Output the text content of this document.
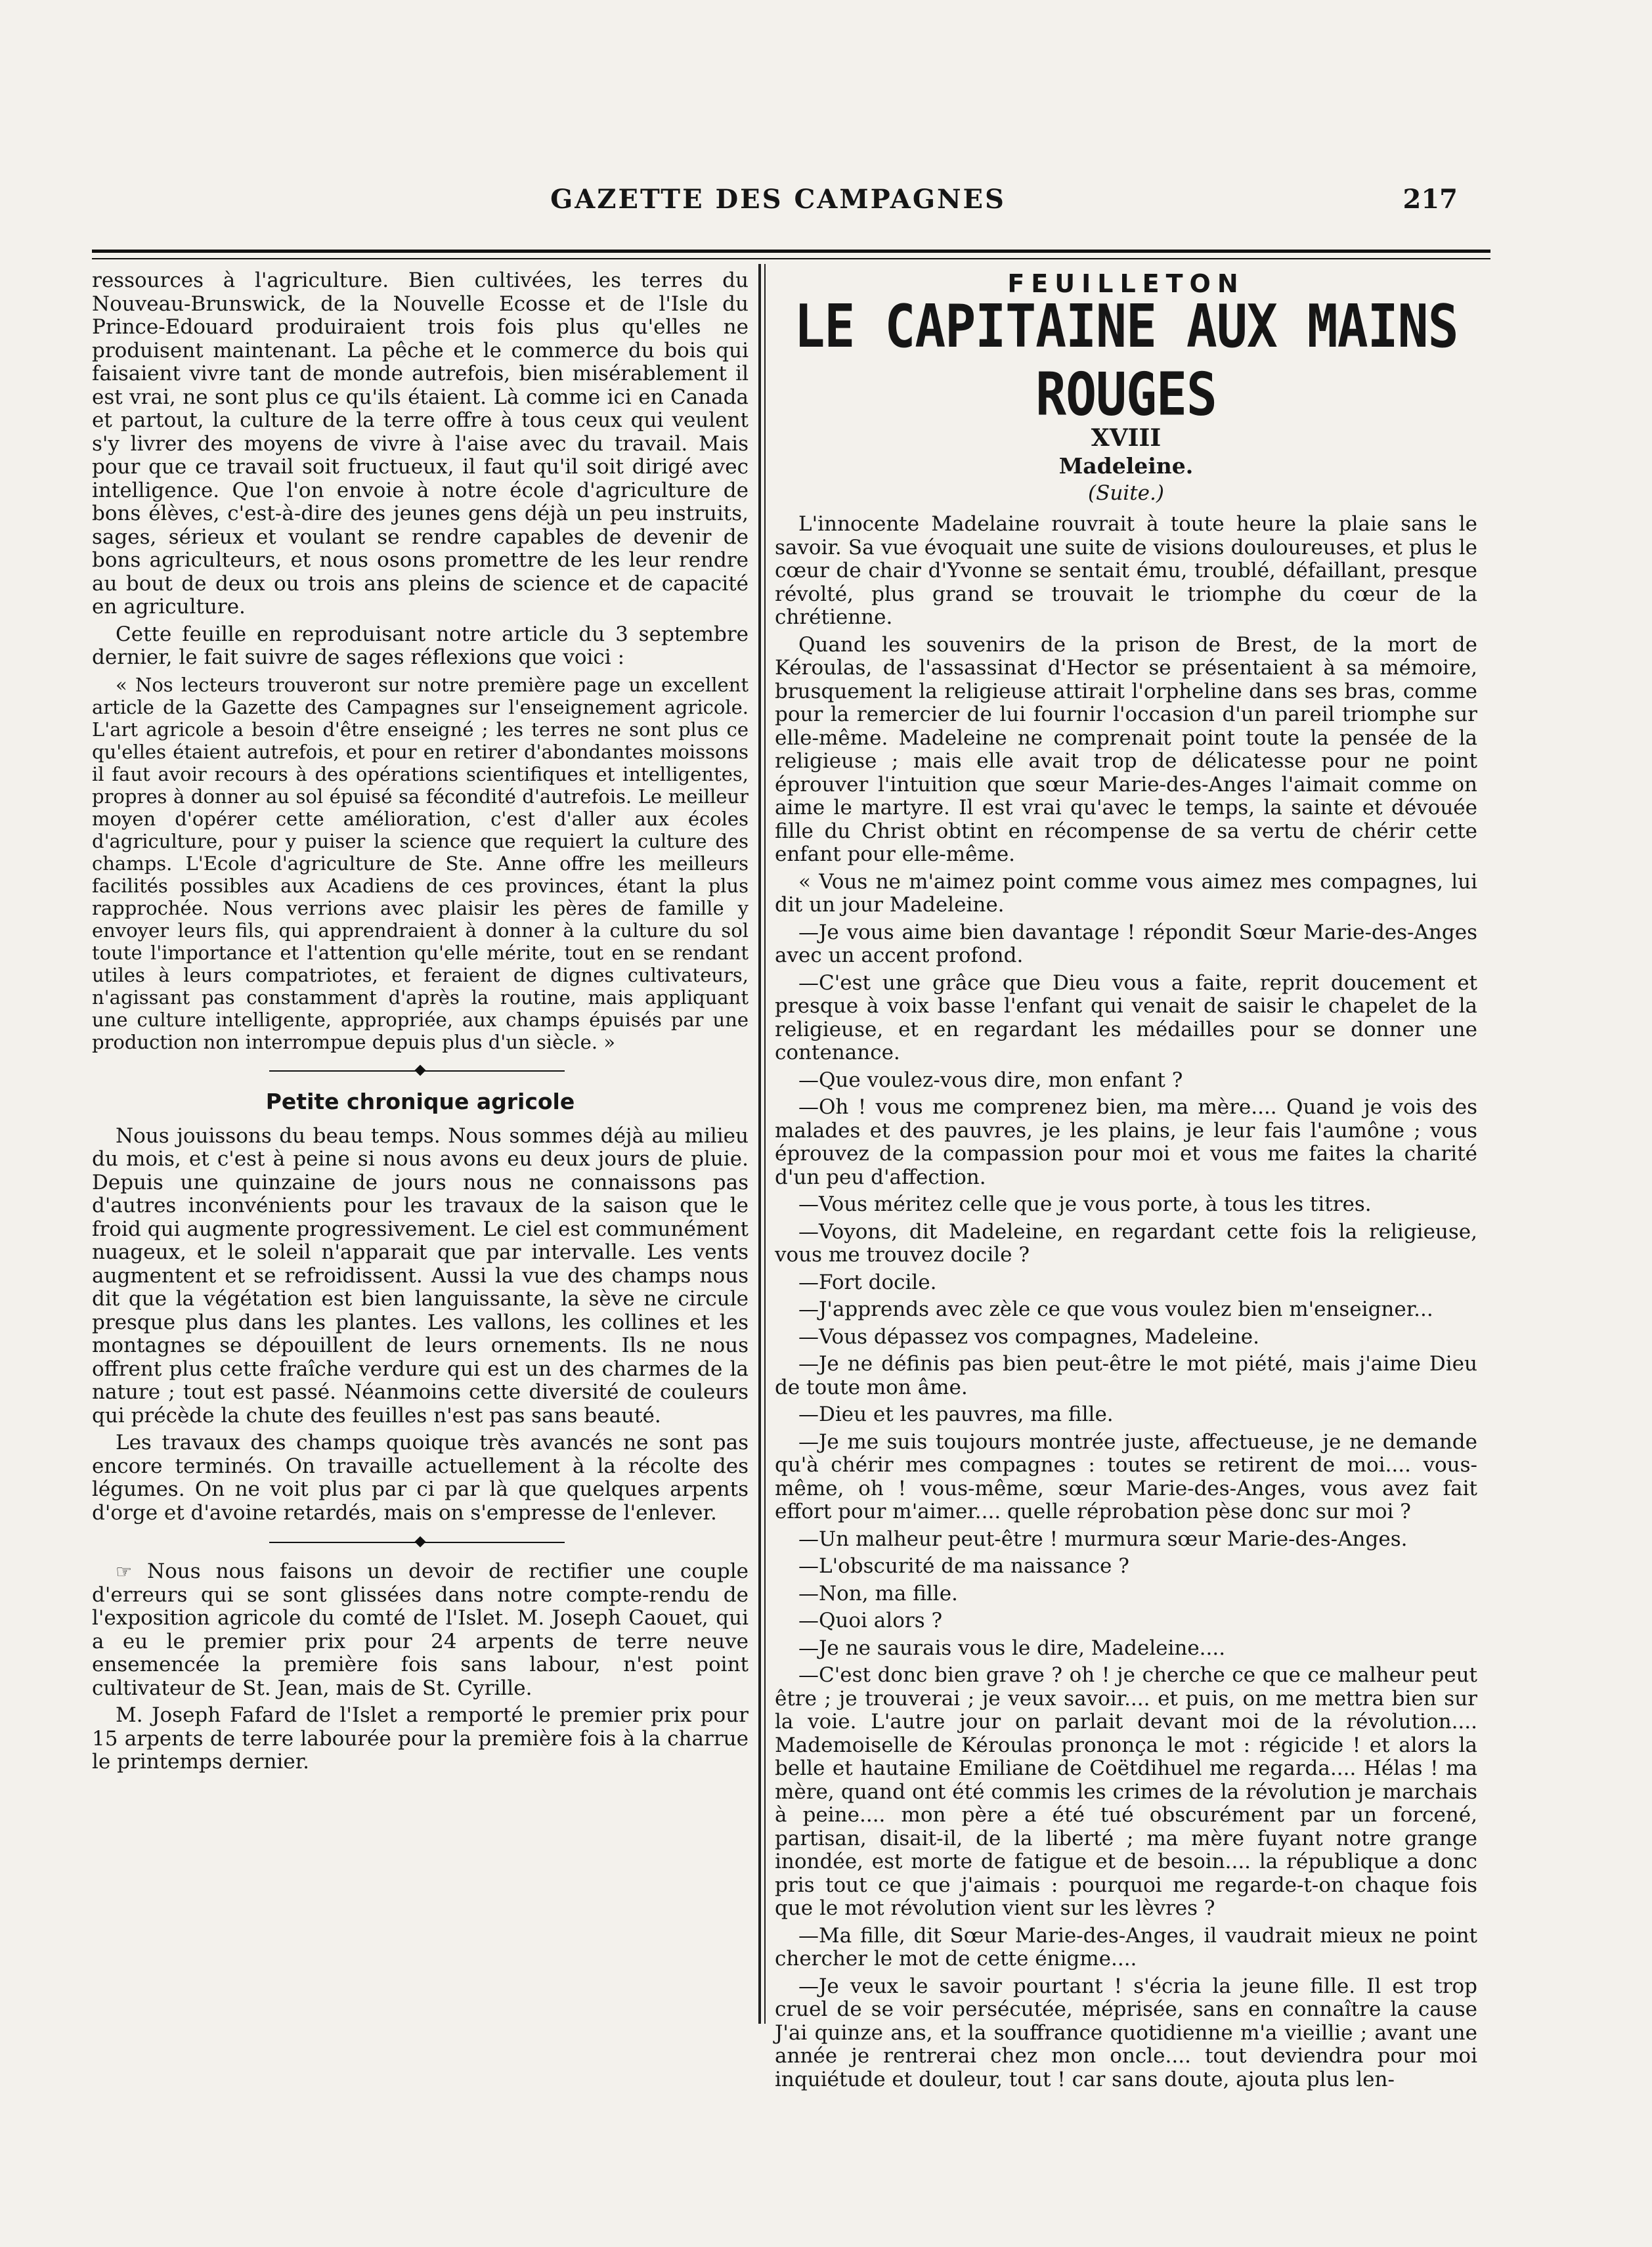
GAZETTE DES CAMPAGNES	217

ressources à l'agriculture. Bien cultivées, les terres du Nouveau-Brunswick, de la Nouvelle Ecosse et de l'Isle du Prince-Edouard produiraient trois fois plus qu'elles ne produisent maintenant. La pêche et le commerce du bois qui faisaient vivre tant de monde autrefois, bien misérablement il est vrai, ne sont plus ce qu'ils étaient. Là comme ici en Canada et partout, la culture de la terre offre à tous ceux qui veulent s'y livrer des moyens de vivre à l'aise avec du travail. Mais pour que ce travail soit fructueux, il faut qu'il soit dirigé avec intelligence. Que l'on envoie à notre école d'agriculture de bons élèves, c'est-à-dire des jeunes gens déjà un peu instruits, sages, sérieux et voulant se rendre capables de devenir de bons agriculteurs, et nous osons promettre de les leur rendre au bout de deux ou trois ans pleins de science et de capacité en agriculture.

Cette feuille en reproduisant notre article du 3 septembre dernier, le fait suivre de sages réflexions que voici :

« Nos lecteurs trouveront sur notre première page un excellent article de la Gazette des Campagnes sur l'enseignement agricole. L'art agricole a besoin d'être enseigné ; les terres ne sont plus ce qu'elles étaient autrefois, et pour en retirer d'abondantes moissons il faut avoir recours à des opérations scientifiques et intelligentes, propres à donner au sol épuisé sa fécondité d'autrefois. Le meilleur moyen d'opérer cette amélioration, c'est d'aller aux écoles d'agriculture, pour y puiser la science que requiert la culture des champs. L'Ecole d'agriculture de Ste. Anne offre les meilleurs facilités possibles aux Acadiens de ces provinces, étant la plus rapprochée. Nous verrions avec plaisir les pères de famille y envoyer leurs fils, qui apprendraient à donner à la culture du sol toute l'importance et l'attention qu'elle mérite, tout en se rendant utiles à leurs compatriotes, et feraient de dignes cultivateurs, n'agissant pas constamment d'après la routine, mais appliquant une culture intelligente, appropriée, aux champs épuisés par une production non interrompue depuis plus d'un siècle. »

Petite chronique agricole

Nous jouissons du beau temps. Nous sommes déjà au milieu du mois, et c'est à peine si nous avons eu deux jours de pluie. Depuis une quinzaine de jours nous ne connaissons pas d'autres inconvénients pour les travaux de la saison que le froid qui augmente progressivement. Le ciel est communément nuageux, et le soleil n'apparait que par intervalle. Les vents augmentent et se refroidissent. Aussi la vue des champs nous dit que la végétation est bien languissante, la sève ne circule presque plus dans les plantes. Les vallons, les collines et les montagnes se dépouillent de leurs ornements. Ils ne nous offrent plus cette fraîche verdure qui est un des charmes de la nature ; tout est passé. Néanmoins cette diversité de couleurs qui précède la chute des feuilles n'est pas sans beauté.

Les travaux des champs quoique très avancés ne sont pas encore terminés. On travaille actuellement à la récolte des légumes. On ne voit plus par ci par là que quelques arpents d'orge et d'avoine retardés, mais on s'empresse de l'enlever.

☞ Nous nous faisons un devoir de rectifier une couple d'erreurs qui se sont glissées dans notre compte-rendu de l'exposition agricole du comté de l'Islet. M. Joseph Caouet, qui a eu le premier prix pour 24 arpents de terre neuve ensemencée la première fois sans labour, n'est point cultivateur de St. Jean, mais de St. Cyrille.

M. Joseph Fafard de l'Islet a remporté le premier prix pour 15 arpents de terre labourée pour la première fois à la charrue le printemps dernier.

FEUILLETON
LE CAPITAINE AUX MAINS ROUGES
XVIII
Madeleine.
(Suite.)

L'innocente Madelaine rouvrait à toute heure la plaie sans le savoir. Sa vue évoquait une suite de visions douloureuses, et plus le cœur de chair d'Yvonne se sentait ému, troublé, défaillant, presque révolté, plus grand se trouvait le triomphe du cœur de la chrétienne.

Quand les souvenirs de la prison de Brest, de la mort de Kéroulas, de l'assassinat d'Hector se présentaient à sa mémoire, brusquement la religieuse attirait l'orpheline dans ses bras, comme pour la remercier de lui fournir l'occasion d'un pareil triomphe sur elle-même. Madeleine ne comprenait point toute la pensée de la religieuse ; mais elle avait trop de délicatesse pour ne point éprouver l'intuition que sœur Marie-des-Anges l'aimait comme on aime le martyre. Il est vrai qu'avec le temps, la sainte et dévouée fille du Christ obtint en récompense de sa vertu de chérir cette enfant pour elle-même.

« Vous ne m'aimez point comme vous aimez mes compagnes, lui dit un jour Madeleine.

—Je vous aime bien davantage ! répondit Sœur Marie-des-Anges avec un accent profond.

—C'est une grâce que Dieu vous a faite, reprit doucement et presque à voix basse l'enfant qui venait de saisir le chapelet de la religieuse, et en regardant les médailles pour se donner une contenance.

—Que voulez-vous dire, mon enfant ?

—Oh ! vous me comprenez bien, ma mère.... Quand je vois des malades et des pauvres, je les plains, je leur fais l'aumône ; vous éprouvez de la compassion pour moi et vous me faites la charité d'un peu d'affection.

—Vous méritez celle que je vous porte, à tous les titres.

—Voyons, dit Madeleine, en regardant cette fois la religieuse, vous me trouvez docile ?

—Fort docile.

—J'apprends avec zèle ce que vous voulez bien m'enseigner...

—Vous dépassez vos compagnes, Madeleine.

—Je ne définis pas bien peut-être le mot piété, mais j'aime Dieu de toute mon âme.

—Dieu et les pauvres, ma fille.

—Je me suis toujours montrée juste, affectueuse, je ne demande qu'à chérir mes compagnes : toutes se retirent de moi.... vous-même, oh ! vous-même, sœur Marie-des-Anges, vous avez fait effort pour m'aimer.... quelle réprobation pèse donc sur moi ?

—Un malheur peut-être ! murmura sœur Marie-des-Anges.

—L'obscurité de ma naissance ?

—Non, ma fille.

—Quoi alors ?

—Je ne saurais vous le dire, Madeleine....

—C'est donc bien grave ? oh ! je cherche ce que ce malheur peut être ; je trouverai ; je veux savoir.... et puis, on me mettra bien sur la voie. L'autre jour on parlait devant moi de la révolution.... Mademoiselle de Kéroulas prononça le mot : régicide ! et alors la belle et hautaine Emiliane de Coëtdihuel me regarda.... Hélas ! ma mère, quand ont été commis les crimes de la révolution je marchais à peine.... mon père a été tué obscurément par un forcené, partisan, disait-il, de la liberté ; ma mère fuyant notre grange inondée, est morte de fatigue et de besoin.... la république a donc pris tout ce que j'aimais : pourquoi me regarde-t-on chaque fois que le mot révolution vient sur les lèvres ?

—Ma fille, dit Sœur Marie-des-Anges, il vaudrait mieux ne point chercher le mot de cette énigme....

—Je veux le savoir pourtant ! s'écria la jeune fille. Il est trop cruel de se voir persécutée, méprisée, sans en connaître la cause J'ai quinze ans, et la souffrance quotidienne m'a vieillie ; avant une année je rentrerai chez mon oncle.... tout deviendra pour moi inquiétude et douleur, tout ! car sans doute, ajouta plus len-
